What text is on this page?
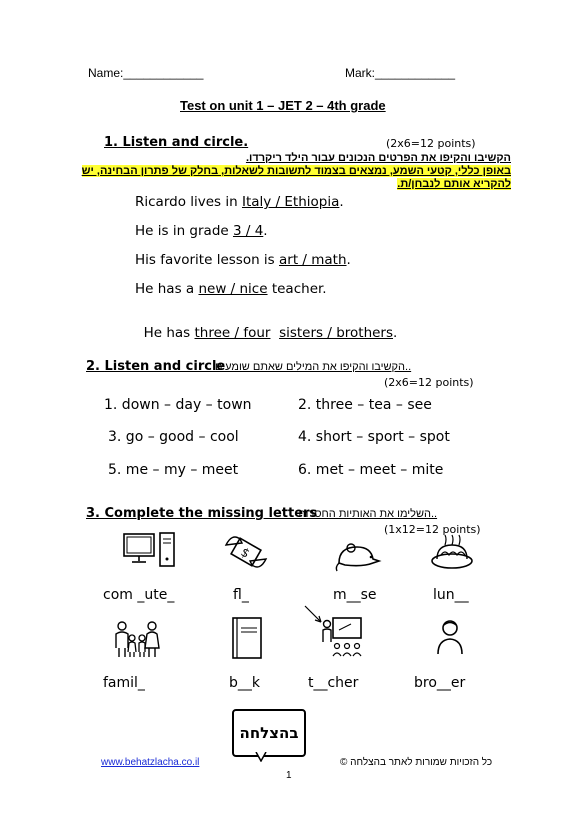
Name:____________	Mark:____________
Test on unit 1 – JET 2 – 4th grade
1. Listen and circle.	(2x6=12 points)
הקשיבו והקיפו את הפרטים הנכונים עבור הילד ריקרדו.
באופן כללי, קטעי השמע, נמצאים בצמוד לתשובות לשאלות, בחלק של פתרון הבחינה, יש
להקריא אותם לנבחן/ת.
Ricardo lives in Italy / Ethiopia.
He is in grade 3 / 4.
His favorite lesson is art / math.
He has a new / nice teacher.

He has three / four sisters / brothers.

2. Listen and circle
..הקשיבו והקיפו את המילים שאתם שומעים
(2x6=12 points)
1. down – day – town	2. three – tea – see
3. go – good – cool	4. short – sport – spot
5. me – my – meet	6. met – meet – mite
3. Complete the missing letters
..השלימו את האותיות החסרות
(1x12=12 points)
$
com _ute_	fl_	m__se	lun__
famil_	b__k	t__cher	bro__er
בהצלחה
www.behatzlacha.co.il	כל הזכויות שמורות לאתר בהצלחה ©
1
